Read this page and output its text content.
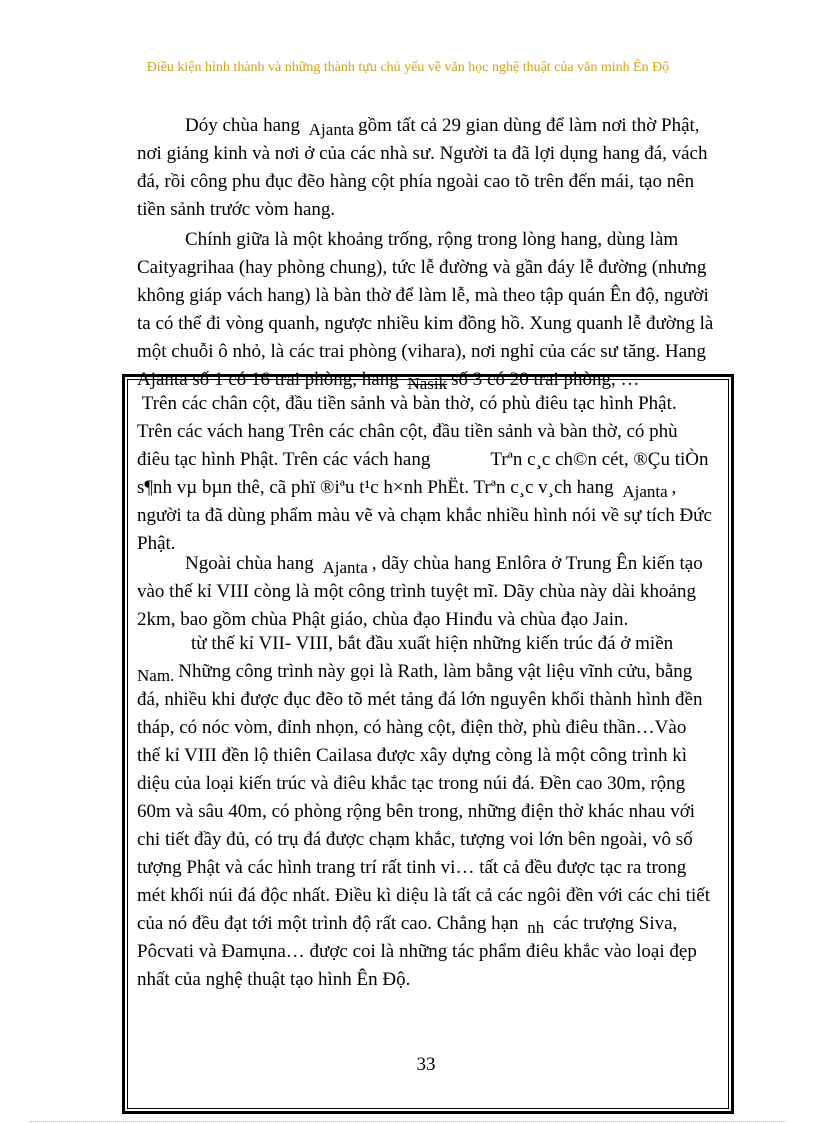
Điều kiện hình thành và những thành tựu chủ yếu về văn học nghệ thuật của văn minh Ên Độ
Dóy chùa hang Ajanta gồm tất cả 29 gian dùng để làm nơi thờ Phật,
nơi giảng kinh và nơi ở của các nhà sư. Người ta đã lợi dụng hang đá, vách
đá, rồi công phu đục đẽo hàng cột phía ngoài cao tõ trên đến mái, tạo nên
tiền sảnh trước vòm hang.
Chính giữa là một khoảng trống, rộng trong lòng hang, dùng làm
Caityagrihaa (hay phòng chung), tức lễ đường và gần đáy lễ đường (nhưng
không giáp vách hang) là bàn thờ để làm lễ, mà theo tập quán Ên độ, người
ta có thể đi vòng quanh, ngược nhiều kim đồng hồ. Xung quanh lễ đường là
một chuỗi ô nhỏ, là các trai phòng (vihara), nơi nghỉ của các sư tăng. Hang
Ajanta số 1 có 16 trai phòng, hang Nasik số 3 có 20 trai phòng, …
Trên các chân cột, đầu tiền sảnh và bàn thờ, có phù điêu tạc hình Phật.
Trên các vách hang Trên các chân cột, đầu tiền sảnh và bàn thờ, có phù
điêu tạc hình Phật. Trên các vách hang	Trªn c¸c ch©n cét, ®Çu tiÒn
s¶nh vµ bµn thê, cã phï ®iªu t¹c h×nh PhËt. Trªn c¸c v¸ch hang Ajanta ,
người ta đã dùng phẩm màu vẽ và chạm khắc nhiều hình nói về sự tích Đức
Phật.
Ngoài chùa hang Ajanta , dãy chùa hang Enlôra ở Trung Ên kiến tạo
vào thế kỉ VIII còng là một công trình tuyệt mĩ. Dãy chùa này dài khoảng
2km, bao gồm chùa Phật giáo, chùa đạo Hinđu và chùa đạo Jain.
từ thế kỉ VII- VIII, bắt đầu xuất hiện những kiến trúc đá ở miền
Nam. Những công trình này gọi là Rath, làm bằng vật liệu vĩnh cửu, bằng
đá, nhiều khi được đục đẽo tõ mét tảng đá lớn nguyên khối thành hình đền
tháp, có nóc vòm, đỉnh nhọn, có hàng cột, điện thờ, phù điêu thần…Vào
thế kỉ VIII đền lộ thiên Cailasa được xây dựng còng là một công trình kì
diệu của loại kiến trúc và điêu khắc tạc trong núi đá. Đền cao 30m, rộng
60m và sâu 40m, có phòng rộng bên trong, những điện thờ khác nhau với
chi tiết đầy đủ, có trụ đá được chạm khắc, tượng voi lớn bên ngoài, vô số
tượng Phật và các hình trang trí rất tinh vi… tất cả đều được tạc ra trong
mét khối núi đá độc nhất. Điều kì diệu là tất cả các ngôi đền với các chi tiết
của nó đều đạt tới một trình độ rất cao. Chẳng hạn nh các trượng Siva,
Pôcvati và Đamụna… được coi là những tác phẩm điêu khắc vào loại đẹp
nhất của nghệ thuật tạo hình Ên Độ.
33
